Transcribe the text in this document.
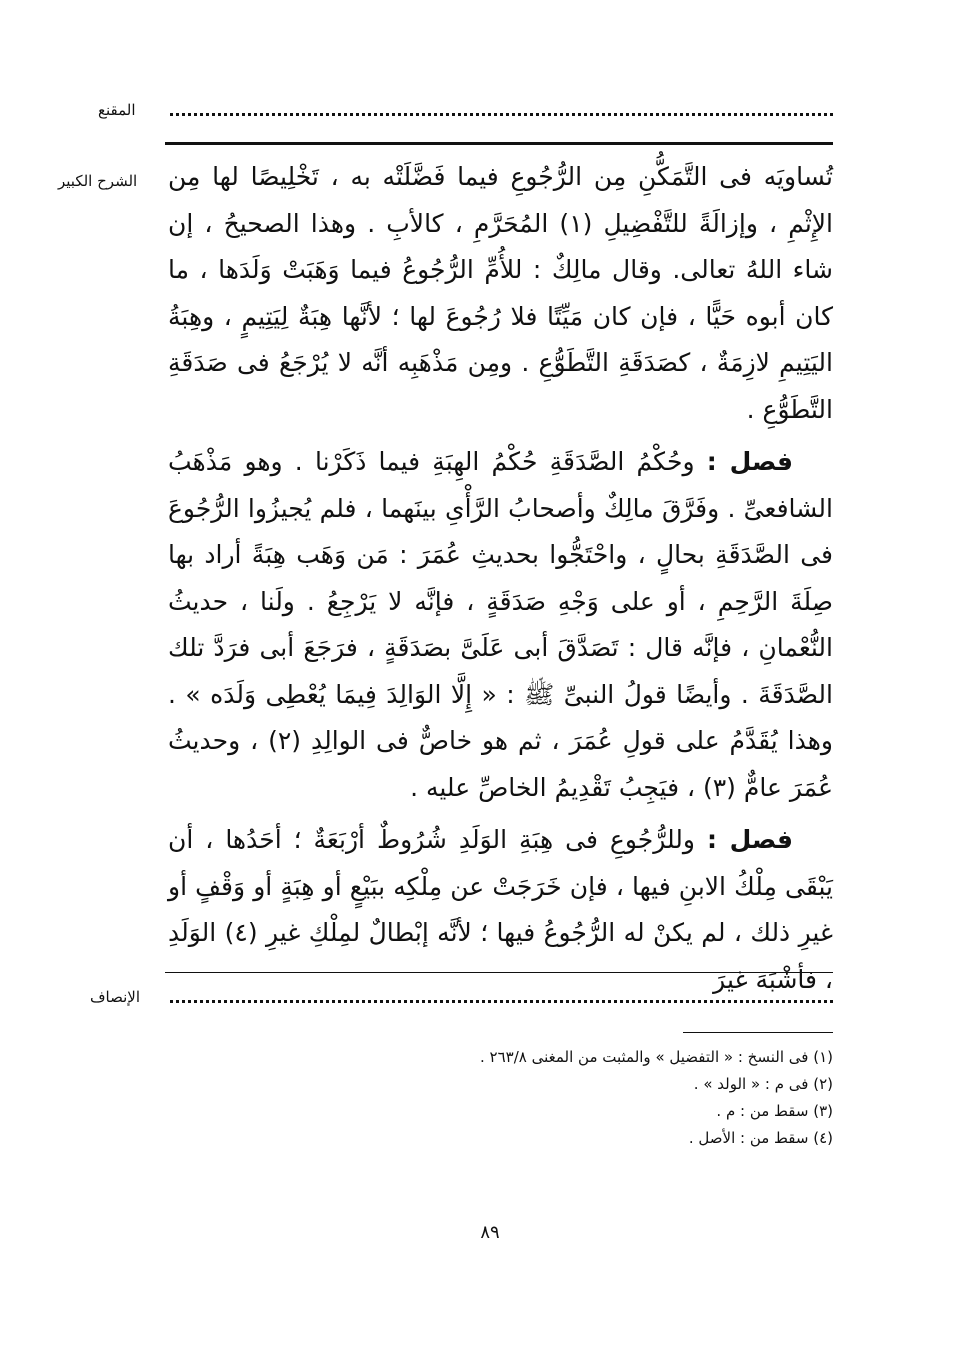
المقنع
الشرح الكبير تُساويَه فى التَّمَكُّنِ مِن الرُّجُوعِ فيما فَضَّلَتْه به ، تَخْلِيصًا لها مِن الإِثْمِ ، وإزالَةً للتَّفْضِيلِ (١) المُحَرَّمِ ، كالأبِ . وهذا الصحيحُ ، إن شاء اللهُ تعالى. وقال مالِكٌ : للأُمِّ الرُّجُوعُ فيما وَهَبَتْ وَلَدَها ، ما كان أبوه حَيًّا ، فإن كان مَيِّتًا فلا رُجُوعَ لها ؛ لأنَّها هِبَةٌ لِيَتِيمٍ ، وهِبَةُ اليَتِيمِ لازِمَةٌ ، كصَدَقَةِ التَّطَوُّعِ . ومِن مَذْهَبِه أنَّه لا يُرْجَعُ فى صَدَقَةِ التَّطَوُّعِ .

فصل : وحُكْمُ الصَّدَقَةِ حُكْمُ الهِبَةِ فيما ذَكَرْنا . وهو مَذْهَبُ الشافعىِّ . وفَرَّقَ مالِكٌ وأصحابُ الرَّأْىِ بينَهما ، فلم يُجيزُوا الرُّجُوعَ فى الصَّدَقَةِ بحالٍ ، واحْتَجُّوا بحديثِ عُمَرَ : مَن وَهَب هِبَةً أراد بها صِلَةَ الرَّحِمِ ، أو على وَجْهِ صَدَقَةٍ ، فإنَّه لا يَرْجِعُ . ولَنا ، حديثُ النُّعْمانِ ، فإنَّه قال : تَصَدَّقَ أبى عَلَىَّ بصَدَقَةٍ ، فرَجَعَ أبى فرَدَّ تلك الصَّدَقَةَ . وأيضًا قولُ النبىِّ ﷺ : « إِلَّا الوَالِدَ فِيمَا يُعْطِى وَلَدَه » . وهذا يُقَدَّمُ على قولِ عُمَرَ ، ثم هو خاصٌّ فى الوالِدِ (٢) ، وحديثُ عُمَرَ عامٌّ (٣) ، فيَجِبُ تَقْدِيمُ الخاصِّ عليه .

فصل : وللرُّجُوعِ فى هِبَةِ الوَلَدِ شُرُوطٌ أرْبَعَةٌ ؛ أحَدُها ، أن يَبْقَى مِلْكُ الابنِ فيها ، فإن خَرَجَتْ عن مِلْكِه ببَيْعٍ أو هِبَةٍ أو وَقْفٍ أو غيرِ ذلك ، لم يكنْ له الرُّجُوعُ فيها ؛ لأنَّه إبْطالٌ لمِلْكِ غيرِ (٤) الوَلَدِ ، فأشْبَهَ غيرَ

الإنصاف
(١) فى النسخ : « التفضيل » والمثبت من المغنى ٢٦٣/٨ .
(٢) فى م : « الولد » .
(٣) سقط من : م .
(٤) سقط من : الأصل .
٨٩
